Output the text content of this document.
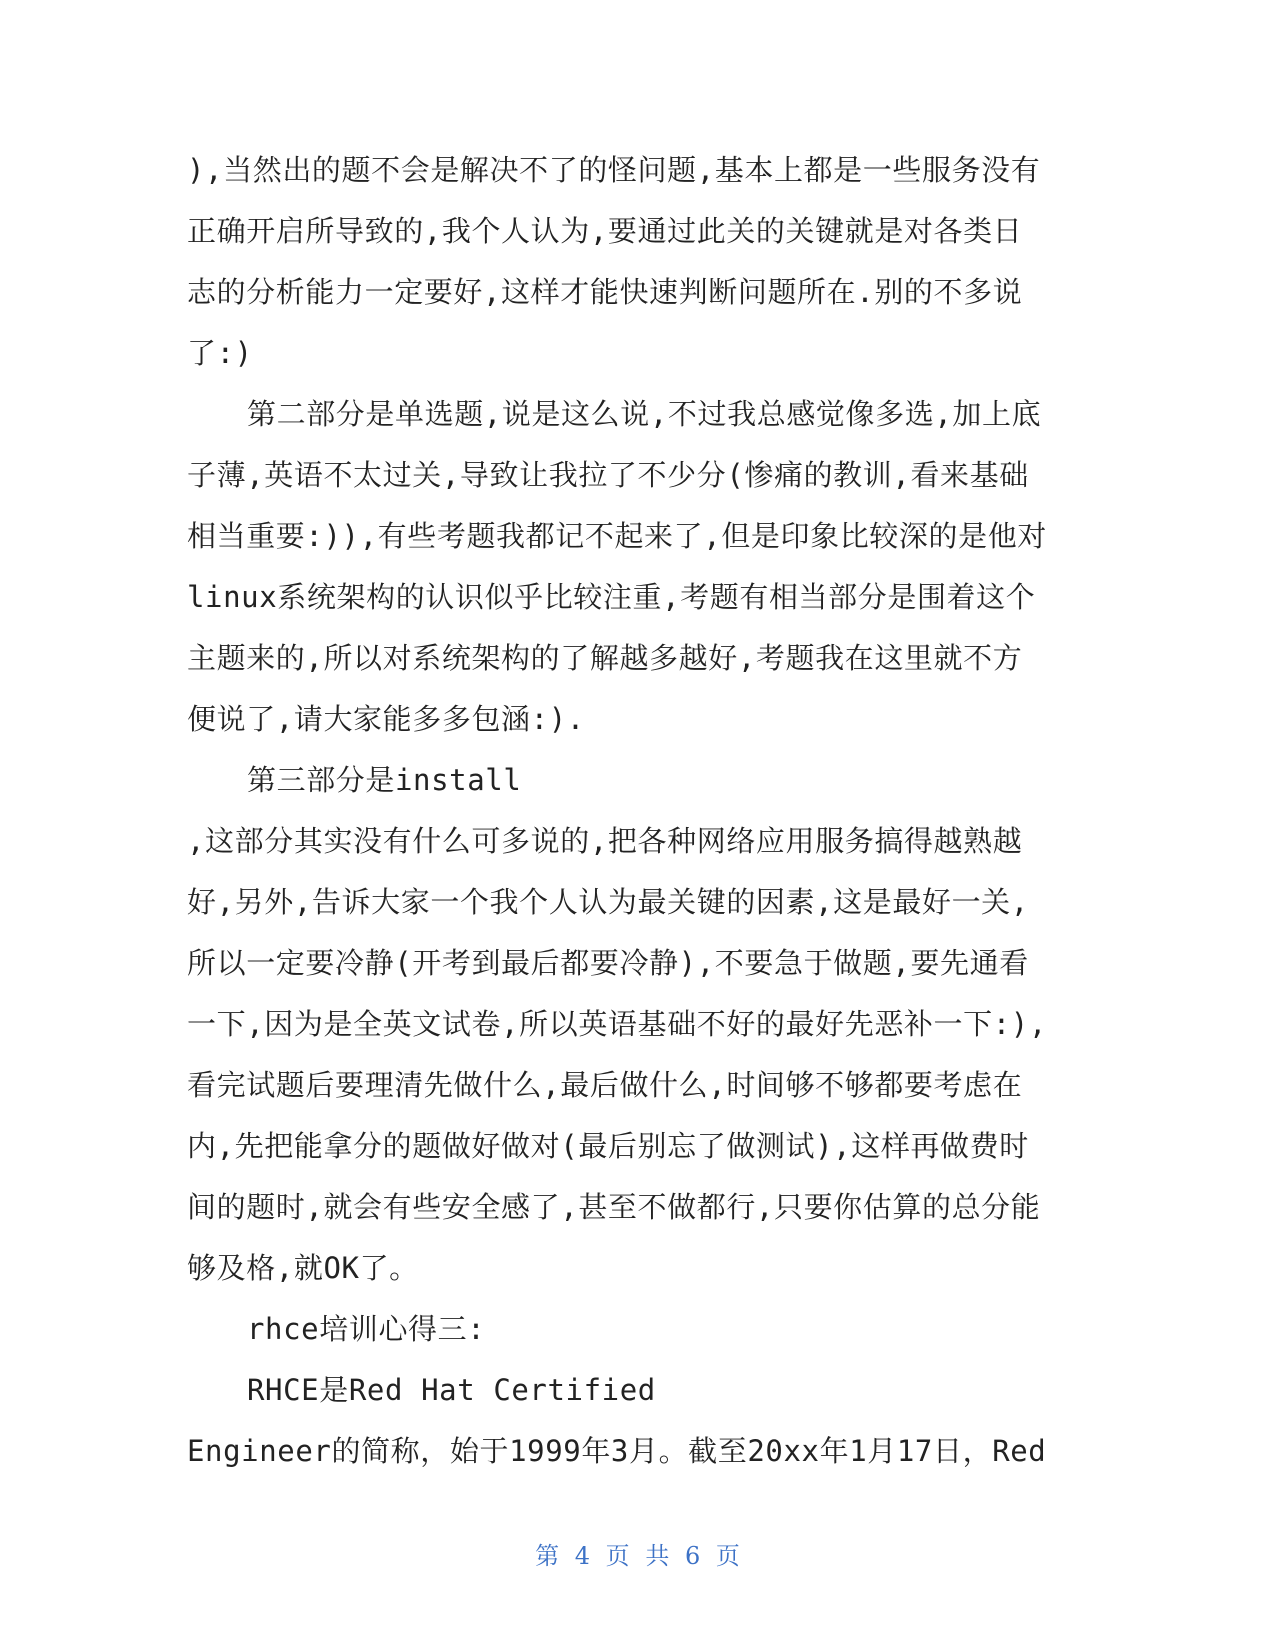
),当然出的题不会是解决不了的怪问题,基本上都是一些服务没有
正确开启所导致的,我个人认为,要通过此关的关键就是对各类日
志的分析能力一定要好,这样才能快速判断问题所在.别的不多说
了:)
第二部分是单选题,说是这么说,不过我总感觉像多选,加上底
子薄,英语不太过关,导致让我拉了不少分(惨痛的教训,看来基础
相当重要:)),有些考题我都记不起来了,但是印象比较深的是他对
linux系统架构的认识似乎比较注重,考题有相当部分是围着这个
主题来的,所以对系统架构的了解越多越好,考题我在这里就不方
便说了,请大家能多多包涵:).
第三部分是install
,这部分其实没有什么可多说的,把各种网络应用服务搞得越熟越
好,另外,告诉大家一个我个人认为最关键的因素,这是最好一关,
所以一定要冷静(开考到最后都要冷静),不要急于做题,要先通看
一下,因为是全英文试卷,所以英语基础不好的最好先恶补一下:),
看完试题后要理清先做什么,最后做什么,时间够不够都要考虑在
内,先把能拿分的题做好做对(最后别忘了做测试),这样再做费时
间的题时,就会有些安全感了,甚至不做都行,只要你估算的总分能
够及格,就OK了。
rhce培训心得三:
RHCE是Red Hat Certified
Engineer的简称，始于1999年3月。截至20xx年1月17日，Red
第 4 页 共 6 页
